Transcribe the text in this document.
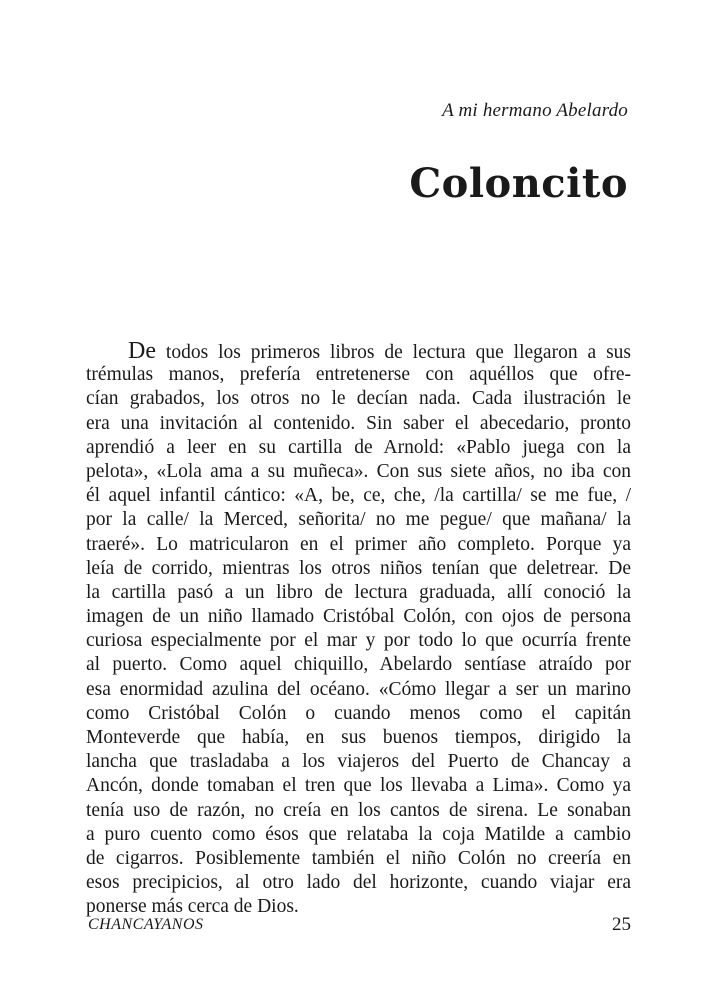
A mi hermano Abelardo
Coloncito
De todos los primeros libros de lectura que llegaron a sus
trémulas manos, prefería entretenerse con aquéllos que ofre-
cían grabados, los otros no le decían nada. Cada ilustración le
era una invitación al contenido. Sin saber el abecedario, pronto
aprendió a leer en su cartilla de Arnold: «Pablo juega con la
pelota», «Lola ama a su muñeca». Con sus siete años, no iba con
él aquel infantil cántico: «A, be, ce, che, /la cartilla/ se me fue, /
por la calle/ la Merced, señorita/ no me pegue/ que mañana/ la
traeré». Lo matricularon en el primer año completo. Porque ya
leía de corrido, mientras los otros niños tenían que deletrear. De
la cartilla pasó a un libro de lectura graduada, allí conoció la
imagen de un niño llamado Cristóbal Colón, con ojos de persona
curiosa especialmente por el mar y por todo lo que ocurría frente
al puerto. Como aquel chiquillo, Abelardo sentíase atraído por
esa enormidad azulina del océano. «Cómo llegar a ser un marino
como Cristóbal Colón o cuando menos como el capitán
Monteverde que había, en sus buenos tiempos, dirigido la
lancha que trasladaba a los viajeros del Puerto de Chancay a
Ancón, donde tomaban el tren que los llevaba a Lima». Como ya
tenía uso de razón, no creía en los cantos de sirena. Le sonaban
a puro cuento como ésos que relataba la coja Matilde a cambio
de cigarros. Posiblemente también el niño Colón no creería en
esos precipicios, al otro lado del horizonte, cuando viajar era
ponerse más cerca de Dios.
CHANCAYANOS	25
